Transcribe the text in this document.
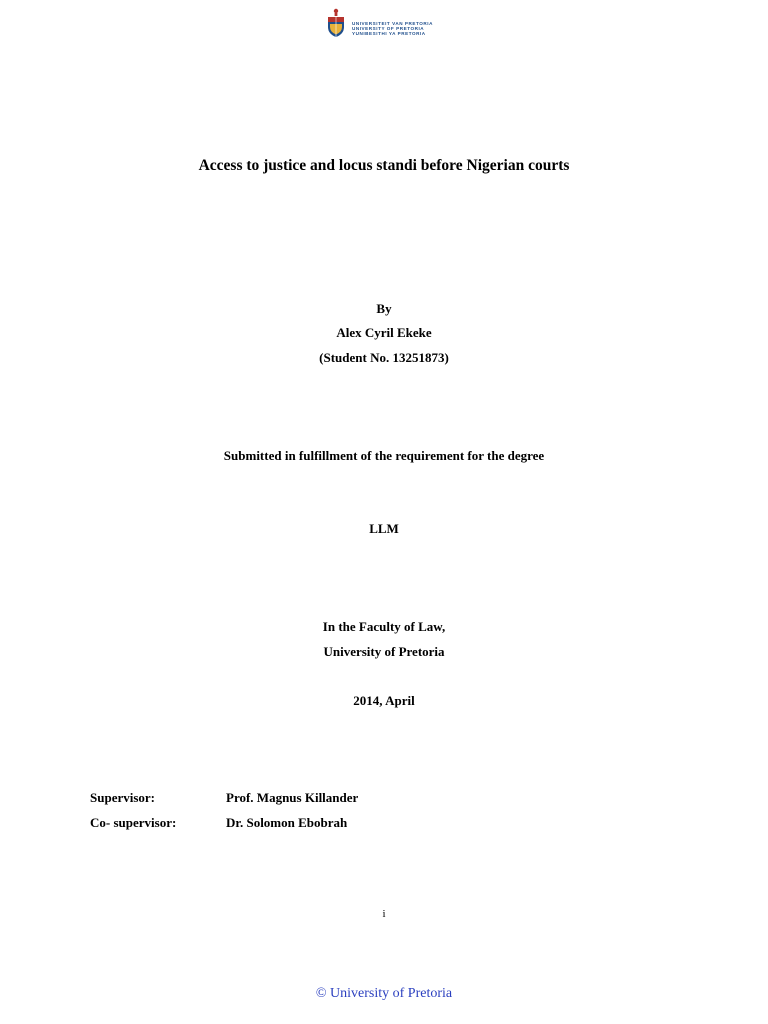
UNIVERSITEIT VAN PRETORIA
UNIVERSITY OF PRETORIA
YUNIBESITHI YA PRETORIA
Access to justice and locus standi before Nigerian courts
By
Alex Cyril Ekeke
(Student No. 13251873)
Submitted in fulfillment of the requirement for the degree
LLM
In the Faculty of Law,
University of Pretoria
2014, April
Supervisor:	Prof. Magnus Killander
Co- supervisor:	Dr. Solomon Ebobrah
i
© University of Pretoria
